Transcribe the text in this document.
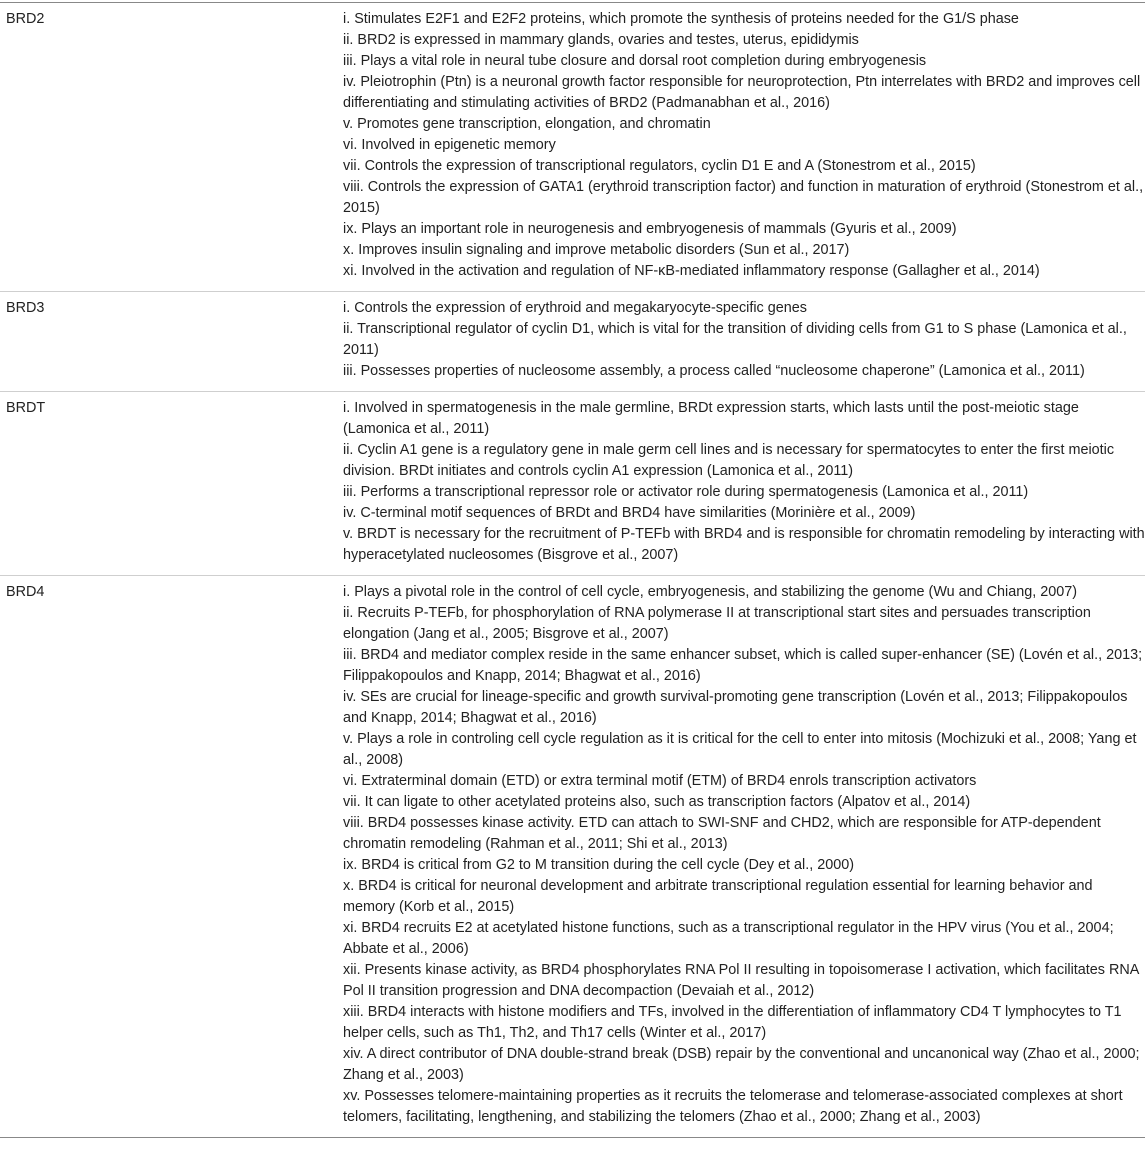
BRD2	i. Stimulates E2F1 and E2F2 proteins, which promote the synthesis of proteins needed for the G1/S phase
ii. BRD2 is expressed in mammary glands, ovaries and testes, uterus, epididymis
iii. Plays a vital role in neural tube closure and dorsal root completion during embryogenesis
iv. Pleiotrophin (Ptn) is a neuronal growth factor responsible for neuroprotection, Ptn interrelates with BRD2 and improves cell differentiating and stimulating activities of BRD2 (Padmanabhan et al., 2016)
v. Promotes gene transcription, elongation, and chromatin
vi. Involved in epigenetic memory
vii. Controls the expression of transcriptional regulators, cyclin D1 E and A (Stonestrom et al., 2015)
viii. Controls the expression of GATA1 (erythroid transcription factor) and function in maturation of erythroid (Stonestrom et al., 2015)
ix. Plays an important role in neurogenesis and embryogenesis of mammals (Gyuris et al., 2009)
x. Improves insulin signaling and improve metabolic disorders (Sun et al., 2017)
xi. Involved in the activation and regulation of NF-κB-mediated inflammatory response (Gallagher et al., 2014)
BRD3	i. Controls the expression of erythroid and megakaryocyte-specific genes
ii. Transcriptional regulator of cyclin D1, which is vital for the transition of dividing cells from G1 to S phase (Lamonica et al., 2011)
iii. Possesses properties of nucleosome assembly, a process called “nucleosome chaperone” (Lamonica et al., 2011)
BRDT	i. Involved in spermatogenesis in the male germline, BRDt expression starts, which lasts until the post-meiotic stage (Lamonica et al., 2011)
ii. Cyclin A1 gene is a regulatory gene in male germ cell lines and is necessary for spermatocytes to enter the first meiotic division. BRDt initiates and controls cyclin A1 expression (Lamonica et al., 2011)
iii. Performs a transcriptional repressor role or activator role during spermatogenesis (Lamonica et al., 2011)
iv. C-terminal motif sequences of BRDt and BRD4 have similarities (Morinière et al., 2009)
v. BRDT is necessary for the recruitment of P-TEFb with BRD4 and is responsible for chromatin remodeling by interacting with hyperacetylated nucleosomes (Bisgrove et al., 2007)
BRD4	i. Plays a pivotal role in the control of cell cycle, embryogenesis, and stabilizing the genome (Wu and Chiang, 2007)
ii. Recruits P-TEFb, for phosphorylation of RNA polymerase II at transcriptional start sites and persuades transcription elongation (Jang et al., 2005; Bisgrove et al., 2007)
iii. BRD4 and mediator complex reside in the same enhancer subset, which is called super-enhancer (SE) (Lovén et al., 2013; Filippakopoulos and Knapp, 2014; Bhagwat et al., 2016)
iv. SEs are crucial for lineage-specific and growth survival-promoting gene transcription (Lovén et al., 2013; Filippakopoulos and Knapp, 2014; Bhagwat et al., 2016)
v. Plays a role in controling cell cycle regulation as it is critical for the cell to enter into mitosis (Mochizuki et al., 2008; Yang et al., 2008)
vi. Extraterminal domain (ETD) or extra terminal motif (ETM) of BRD4 enrols transcription activators
vii. It can ligate to other acetylated proteins also, such as transcription factors (Alpatov et al., 2014)
viii. BRD4 possesses kinase activity. ETD can attach to SWI-SNF and CHD2, which are responsible for ATP-dependent chromatin remodeling (Rahman et al., 2011; Shi et al., 2013)
ix. BRD4 is critical from G2 to M transition during the cell cycle (Dey et al., 2000)
x. BRD4 is critical for neuronal development and arbitrate transcriptional regulation essential for learning behavior and memory (Korb et al., 2015)
xi. BRD4 recruits E2 at acetylated histone functions, such as a transcriptional regulator in the HPV virus (You et al., 2004; Abbate et al., 2006)
xii. Presents kinase activity, as BRD4 phosphorylates RNA Pol II resulting in topoisomerase I activation, which facilitates RNA Pol II transition progression and DNA decompaction (Devaiah et al., 2012)
xiii. BRD4 interacts with histone modifiers and TFs, involved in the differentiation of inflammatory CD4 T lymphocytes to T1 helper cells, such as Th1, Th2, and Th17 cells (Winter et al., 2017)
xiv. A direct contributor of DNA double-strand break (DSB) repair by the conventional and uncanonical way (Zhao et al., 2000; Zhang et al., 2003)
xv. Possesses telomere-maintaining properties as it recruits the telomerase and telomerase-associated complexes at short telomers, facilitating, lengthening, and stabilizing the telomers (Zhao et al., 2000; Zhang et al., 2003)
